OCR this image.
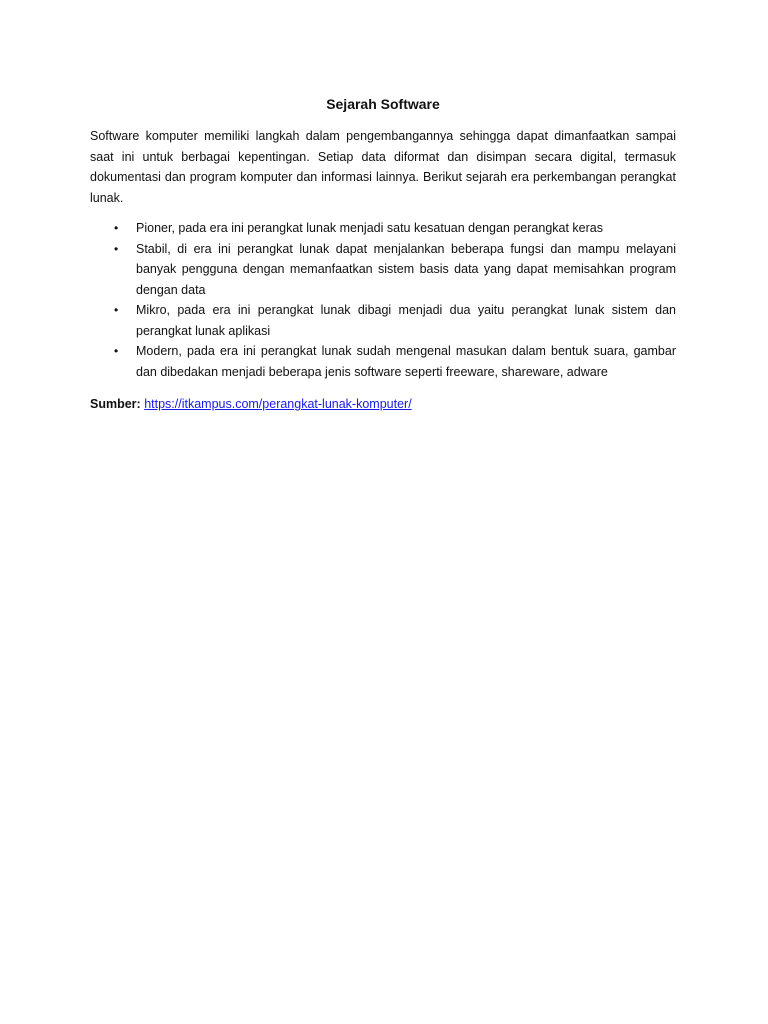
Sejarah Software

Software komputer memiliki langkah dalam pengembangannya sehingga dapat dimanfaatkan sampai saat ini untuk berbagai kepentingan. Setiap data diformat dan disimpan secara digital, termasuk dokumentasi dan program komputer dan informasi lainnya. Berikut sejarah era perkembangan perangkat lunak.

• Pioner, pada era ini perangkat lunak menjadi satu kesatuan dengan perangkat keras
• Stabil, di era ini perangkat lunak dapat menjalankan beberapa fungsi dan mampu melayani banyak pengguna dengan memanfaatkan sistem basis data yang dapat memisahkan program dengan data
• Mikro, pada era ini perangkat lunak dibagi menjadi dua yaitu perangkat lunak sistem dan perangkat lunak aplikasi
• Modern, pada era ini perangkat lunak sudah mengenal masukan dalam bentuk suara, gambar dan dibedakan menjadi beberapa jenis software seperti freeware, shareware, adware

Sumber: https://itkampus.com/perangkat-lunak-komputer/
